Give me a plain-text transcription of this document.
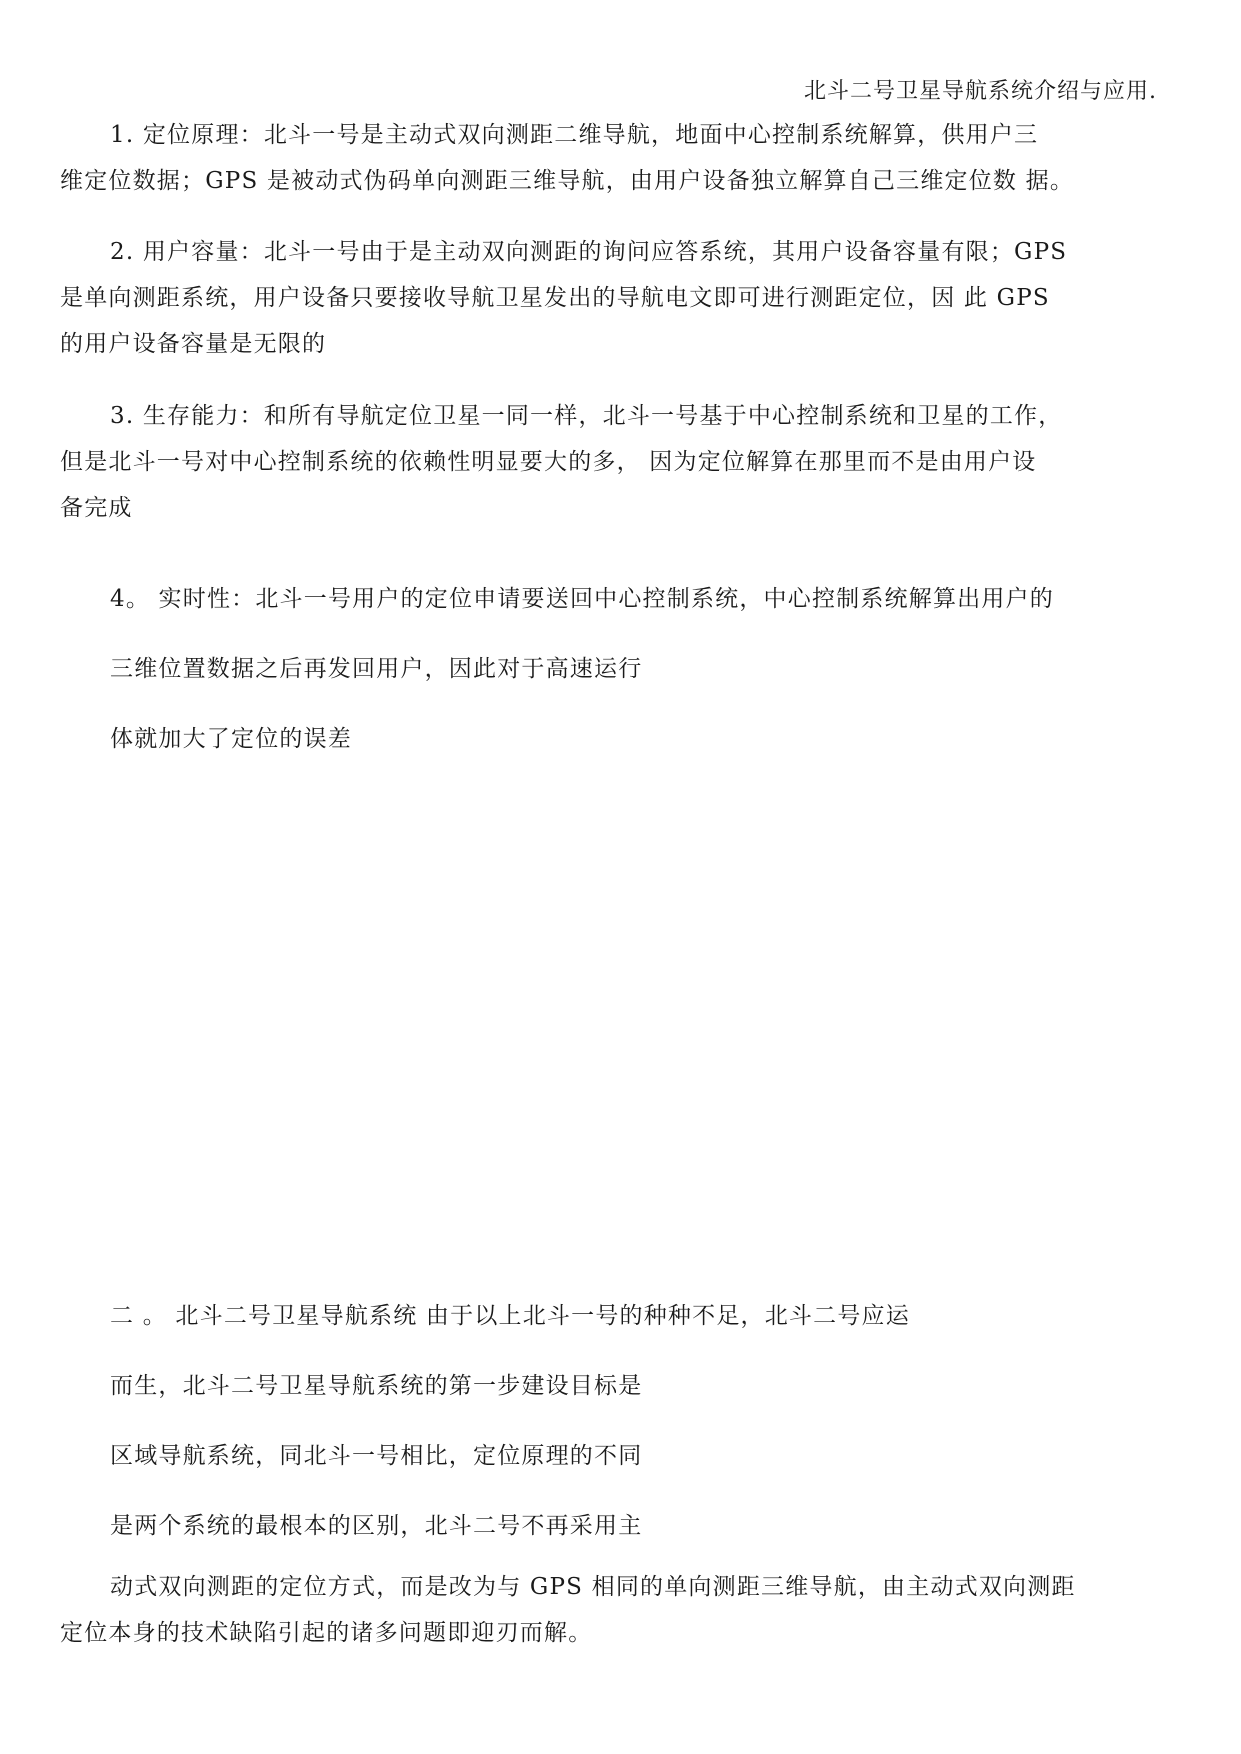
北斗二号卫星导航系统介绍与应用.
1. 定位原理：北斗一号是主动式双向测距二维导航，地面中心控制系统解算，供用户三
维定位数据；GPS 是被动式伪码单向测距三维导航，由用户设备独立解算自己三维定位数 据。
2. 用户容量：北斗一号由于是主动双向测距的询问应答系统，其用户设备容量有限；GPS
是单向测距系统，用户设备只要接收导航卫星发出的导航电文即可进行测距定位，因 此 GPS
的用户设备容量是无限的
3. 生存能力：和所有导航定位卫星一同一样，北斗一号基于中心控制系统和卫星的工作，
但是北斗一号对中心控制系统的依赖性明显要大的多， 因为定位解算在那里而不是由用户设
备完成
4。 实时性：北斗一号用户的定位申请要送回中心控制系统，中心控制系统解算出用户的
三维位置数据之后再发回用户，因此对于高速运行
体就加大了定位的误差
二 。 北斗二号卫星导航系统 由于以上北斗一号的种种不足，北斗二号应运
而生，北斗二号卫星导航系统的第一步建设目标是
区域导航系统，同北斗一号相比，定位原理的不同
是两个系统的最根本的区别，北斗二号不再采用主
动式双向测距的定位方式，而是改为与 GPS 相同的单向测距三维导航，由主动式双向测距
定位本身的技术缺陷引起的诸多问题即迎刃而解。
